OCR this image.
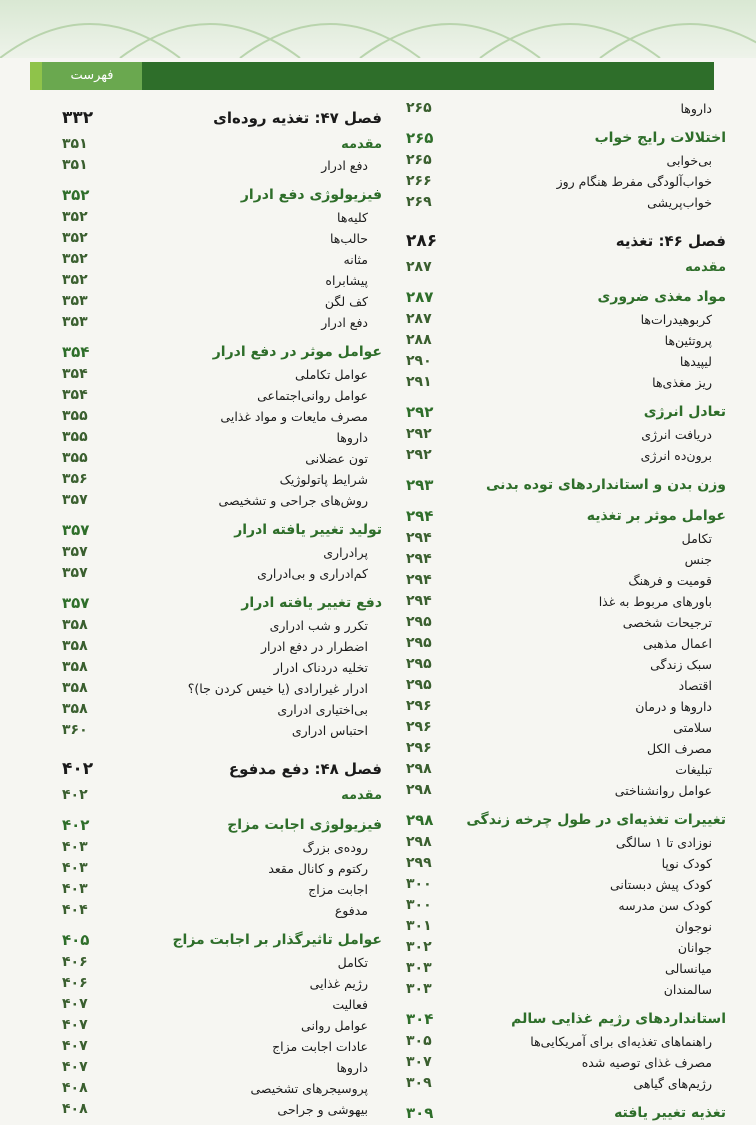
فهرست
فصل ۴۷: تغذیه روده‌ای
۳۳۲
مقدمه
۳۵۱
دفع ادرار
۳۵۱
فیزیولوژی دفع ادرار
۳۵۲
کلیه‌ها
۳۵۲
حالب‌ها
۳۵۲
مثانه
۳۵۲
پیشابراه
۳۵۲
کف لگن
۳۵۳
دفع ادرار
۳۵۳
عوامل موثر در دفع ادرار
۳۵۴
عوامل تکاملی
۳۵۴
عوامل روانی‌اجتماعی
۳۵۴
مصرف مایعات و مواد غذایی
۳۵۵
داروها
۳۵۵
تون عضلانی
۳۵۵
شرایط پاتولوژیک
۳۵۶
روش‌های جراحی و تشخیصی
۳۵۷
تولید تغییر یافته ادرار
۳۵۷
پرادراری
۳۵۷
کم‌ادراری و بی‌ادراری
۳۵۷
دفع تغییر یافته ادرار
۳۵۷
تکرر و شب ادراری
۳۵۸
اضطرار در دفع ادرار
۳۵۸
تخلیه دردناک ادرار
۳۵۸
ادرار غیرارادی (یا خیس کردن جا)؟
۳۵۸
بی‌اختیاری ادراری
۳۵۸
احتباس ادراری
۳۶۰
فصل ۴۸: دفع مدفوع
۴۰۲
مقدمه
۴۰۲
فیزیولوژی اجابت مزاج
۴۰۲
روده‌ی بزرگ
۴۰۳
رکتوم و کانال مقعد
۴۰۳
اجابت مزاج
۴۰۳
مدفوع
۴۰۴
عوامل تاثیرگذار بر اجابت مزاج
۴۰۵
تکامل
۴۰۶
رژیم غذایی
۴۰۶
فعالیت
۴۰۷
عوامل روانی
۴۰۷
عادات اجابت مزاج
۴۰۷
داروها
۴۰۷
پروسیجرهای تشخیصی
۴۰۸
بیهوشی و جراحی
۴۰۸
داروها
۲۶۵
اختلالات رایج خواب
۲۶۵
بی‌خوابی
۲۶۵
خواب‌آلودگی مفرط هنگام روز
۲۶۶
خواب‌پریشی
۲۶۹
فصل ۴۶: تغذیه
۲۸۶
مقدمه
۲۸۷
مواد مغذی ضروری
۲۸۷
کربوهیدرات‌ها
۲۸۷
پروتئین‌ها
۲۸۸
لیپیدها
۲۹۰
ریز مغذی‌ها
۲۹۱
تعادل انرژی
۲۹۲
دریافت انرژی
۲۹۲
برون‌ده انرژی
۲۹۲
وزن بدن و استانداردهای توده بدنی
۲۹۳
عوامل موثر بر تغذیه
۲۹۴
تکامل
۲۹۴
جنس
۲۹۴
قومیت و فرهنگ
۲۹۴
باورهای مربوط به غذا
۲۹۴
ترجیحات شخصی
۲۹۵
اعمال مذهبی
۲۹۵
سبک زندگی
۲۹۵
اقتصاد
۲۹۵
داروها و درمان
۲۹۶
سلامتی
۲۹۶
مصرف الکل
۲۹۶
تبلیغات
۲۹۸
عوامل روانشناختی
۲۹۸
تغییرات تغذیه‌ای در طول چرخه زندگی
۲۹۸
نوزادی تا ۱ سالگی
۲۹۸
کودک نوپا
۲۹۹
کودک پیش دبستانی
۳۰۰
کودک سن مدرسه
۳۰۰
نوجوان
۳۰۱
جوانان
۳۰۲
میانسالی
۳۰۳
سالمندان
۳۰۳
استانداردهای رژیم غذایی سالم
۳۰۴
راهنماهای تغذیه‌ای برای آمریکایی‌ها
۳۰۵
مصرف غذای توصیه شده
۳۰۷
رژیم‌های گیاهی
۳۰۹
تغذیه تغییر یافته
۳۰۹
